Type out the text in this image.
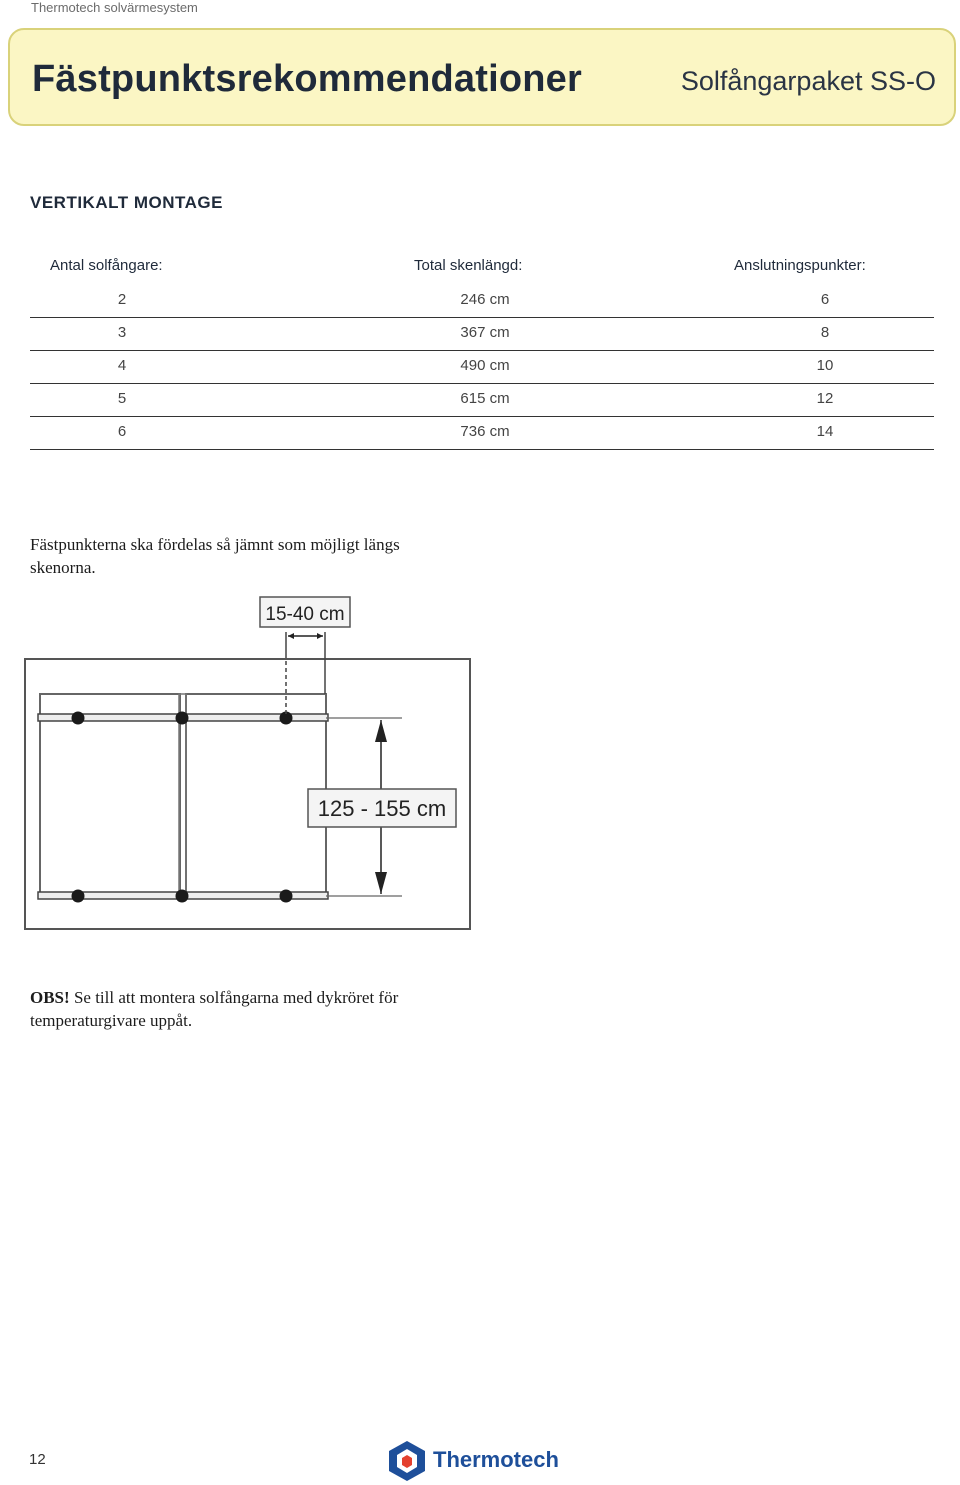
Thermotech solvärmesystem
Fästpunktsrekommendationer	Solfångarpaket SS-O
VERTIKALT MONTAGE
Antal solfångare:	Total skenlängd:	Anslutningspunkter:
2	246 cm	6
3	367 cm	8
4	490 cm	10
5	615 cm	12
6	736 cm	14
Fästpunkterna ska fördelas så jämnt som möjligt längs skenorna.
15-40 cm
125 - 155 cm
OBS! Se till att montera solfångarna med dykröret för temperaturgivare uppåt.
12	Thermotech
